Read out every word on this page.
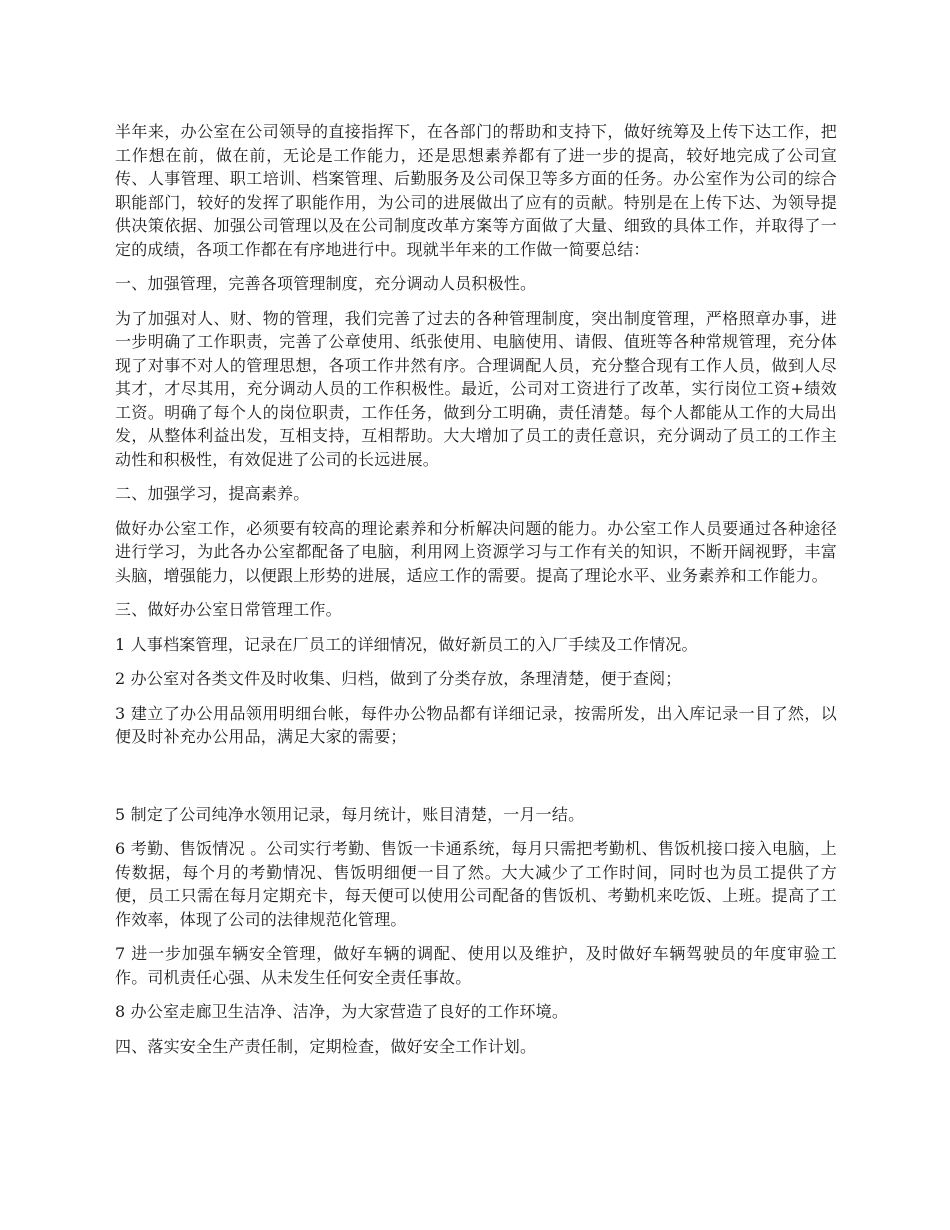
半年来，办公室在公司领导的直接指挥下，在各部门的帮助和支持下，做好统筹及上传下达工作，把工作想在前，做在前，无论是工作能力，还是思想素养都有了进一步的提高，较好地完成了公司宣传、人事管理、职工培训、档案管理、后勤服务及公司保卫等多方面的任务。办公室作为公司的综合职能部门，较好的发挥了职能作用，为公司的进展做出了应有的贡献。特别是在上传下达、为领导提供决策依据、加强公司管理以及在公司制度改革方案等方面做了大量、细致的具体工作，并取得了一定的成绩，各项工作都在有序地进行中。现就半年来的工作做一简要总结：

一、加强管理，完善各项管理制度，充分调动人员积极性。

为了加强对人、财、物的管理，我们完善了过去的各种管理制度，突出制度管理，严格照章办事，进一步明确了工作职责，完善了公章使用、纸张使用、电脑使用、请假、值班等各种常规管理，充分体现了对事不对人的管理思想，各项工作井然有序。合理调配人员，充分整合现有工作人员，做到人尽其才，才尽其用，充分调动人员的工作积极性。最近，公司对工资进行了改革，实行岗位工资+绩效工资。明确了每个人的岗位职责，工作任务，做到分工明确，责任清楚。每个人都能从工作的大局出发，从整体利益出发，互相支持，互相帮助。大大增加了员工的责任意识，充分调动了员工的工作主动性和积极性，有效促进了公司的长远进展。

二、加强学习，提高素养。

做好办公室工作，必须要有较高的理论素养和分析解决问题的能力。办公室工作人员要通过各种途径进行学习，为此各办公室都配备了电脑，利用网上资源学习与工作有关的知识，不断开阔视野，丰富头脑，增强能力，以便跟上形势的进展，适应工作的需要。提高了理论水平、业务素养和工作能力。

三、做好办公室日常管理工作。

1 人事档案管理，记录在厂员工的详细情况，做好新员工的入厂手续及工作情况。

2 办公室对各类文件及时收集、归档，做到了分类存放，条理清楚，便于查阅；

3 建立了办公用品领用明细台帐，每件办公物品都有详细记录，按需所发，出入库记录一目了然，以便及时补充办公用品，满足大家的需要；

5 制定了公司纯净水领用记录，每月统计，账目清楚，一月一结。

6 考勤、售饭情况 。公司实行考勤、售饭一卡通系统，每月只需把考勤机、售饭机接口接入电脑，上传数据，每个月的考勤情况、售饭明细便一目了然。大大减少了工作时间，同时也为员工提供了方便，员工只需在每月定期充卡，每天便可以使用公司配备的售饭机、考勤机来吃饭、上班。提高了工作效率，体现了公司的法律规范化管理。

7 进一步加强车辆安全管理，做好车辆的调配、使用以及维护，及时做好车辆驾驶员的年度审验工作。司机责任心强、从未发生任何安全责任事故。

8 办公室走廊卫生洁净、洁净，为大家营造了良好的工作环境。

四、落实安全生产责任制，定期检查，做好安全工作计划。
